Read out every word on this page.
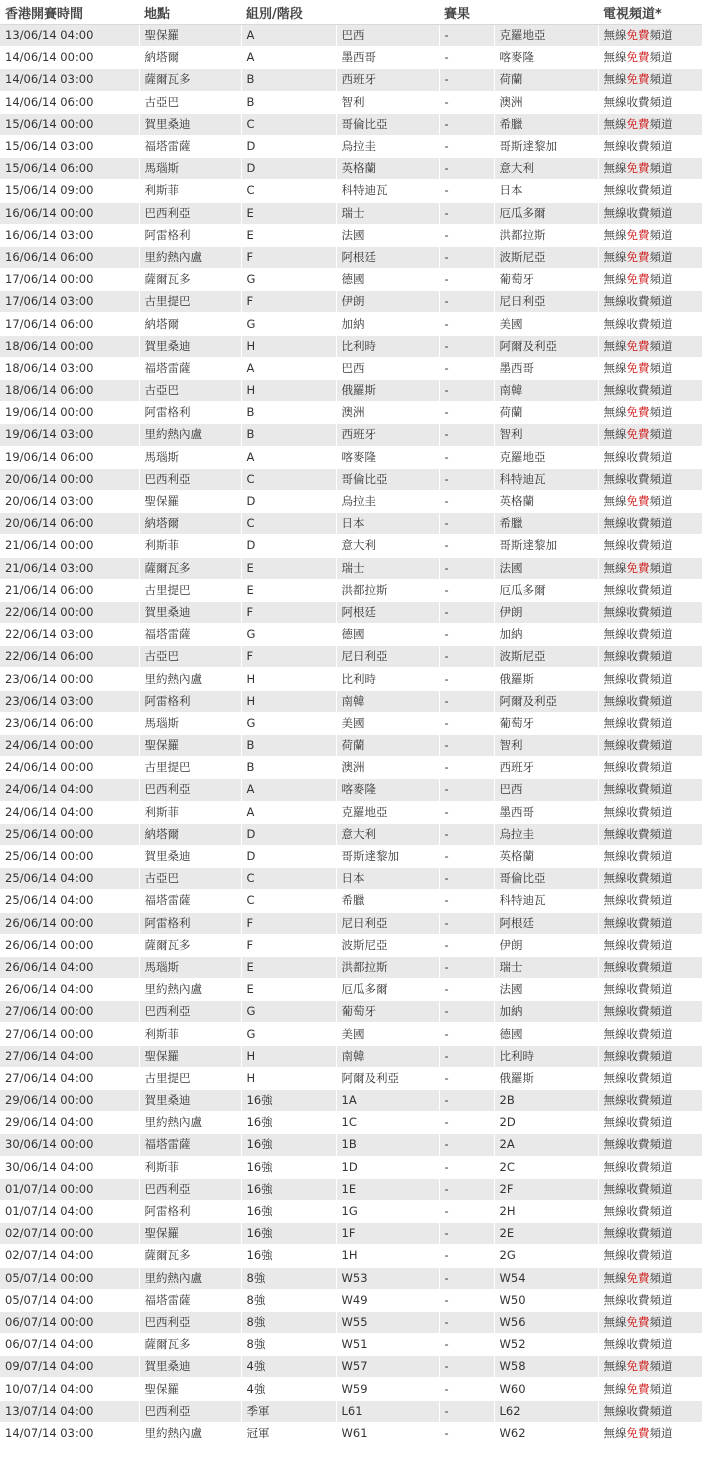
香港開賽時間	地點	組別/階段		賽果		電視頻道*
13/06/14 04:00	聖保羅	A	巴西	-	克羅地亞	無線免費頻道
14/06/14 00:00	納塔爾	A	墨西哥	-	喀麥隆	無線免費頻道
14/06/14 03:00	薩爾瓦多	B	西班牙	-	荷蘭	無線免費頻道
14/06/14 06:00	古亞巴	B	智利	-	澳洲	無線收費頻道
15/06/14 00:00	賀里桑迪	C	哥倫比亞	-	希臘	無線免費頻道
15/06/14 03:00	福塔雷薩	D	烏拉圭	-	哥斯達黎加	無線收費頻道
15/06/14 06:00	馬瑙斯	D	英格蘭	-	意大利	無線免費頻道
15/06/14 09:00	利斯菲	C	科特迪瓦	-	日本	無線收費頻道
16/06/14 00:00	巴西利亞	E	瑞士	-	厄瓜多爾	無線收費頻道
16/06/14 03:00	阿雷格利	E	法國	-	洪都拉斯	無線免費頻道
16/06/14 06:00	里約熱內盧	F	阿根廷	-	波斯尼亞	無線免費頻道
17/06/14 00:00	薩爾瓦多	G	德國	-	葡萄牙	無線免費頻道
17/06/14 03:00	古里提巴	F	伊朗	-	尼日利亞	無線收費頻道
17/06/14 06:00	納塔爾	G	加納	-	美國	無線收費頻道
18/06/14 00:00	賀里桑迪	H	比利時	-	阿爾及利亞	無線免費頻道
18/06/14 03:00	福塔雷薩	A	巴西	-	墨西哥	無線免費頻道
18/06/14 06:00	古亞巴	H	俄羅斯	-	南韓	無線收費頻道
19/06/14 00:00	阿雷格利	B	澳洲	-	荷蘭	無線免費頻道
19/06/14 03:00	里約熱內盧	B	西班牙	-	智利	無線免費頻道
19/06/14 06:00	馬瑙斯	A	喀麥隆	-	克羅地亞	無線收費頻道
20/06/14 00:00	巴西利亞	C	哥倫比亞	-	科特迪瓦	無線收費頻道
20/06/14 03:00	聖保羅	D	烏拉圭	-	英格蘭	無線免費頻道
20/06/14 06:00	納塔爾	C	日本	-	希臘	無線收費頻道
21/06/14 00:00	利斯菲	D	意大利	-	哥斯達黎加	無線收費頻道
21/06/14 03:00	薩爾瓦多	E	瑞士	-	法國	無線免費頻道
21/06/14 06:00	古里提巴	E	洪都拉斯	-	厄瓜多爾	無線收費頻道
22/06/14 00:00	賀里桑迪	F	阿根廷	-	伊朗	無線收費頻道
22/06/14 03:00	福塔雷薩	G	德國	-	加納	無線收費頻道
22/06/14 06:00	古亞巴	F	尼日利亞	-	波斯尼亞	無線收費頻道
23/06/14 00:00	里約熱內盧	H	比利時	-	俄羅斯	無線收費頻道
23/06/14 03:00	阿雷格利	H	南韓	-	阿爾及利亞	無線收費頻道
23/06/14 06:00	馬瑙斯	G	美國	-	葡萄牙	無線收費頻道
24/06/14 00:00	聖保羅	B	荷蘭	-	智利	無線收費頻道
24/06/14 00:00	古里提巴	B	澳洲	-	西班牙	無線收費頻道
24/06/14 04:00	巴西利亞	A	喀麥隆	-	巴西	無線收費頻道
24/06/14 04:00	利斯菲	A	克羅地亞	-	墨西哥	無線收費頻道
25/06/14 00:00	納塔爾	D	意大利	-	烏拉圭	無線收費頻道
25/06/14 00:00	賀里桑迪	D	哥斯達黎加	-	英格蘭	無線收費頻道
25/06/14 04:00	古亞巴	C	日本	-	哥倫比亞	無線收費頻道
25/06/14 04:00	福塔雷薩	C	希臘	-	科特迪瓦	無線收費頻道
26/06/14 00:00	阿雷格利	F	尼日利亞	-	阿根廷	無線收費頻道
26/06/14 00:00	薩爾瓦多	F	波斯尼亞	-	伊朗	無線收費頻道
26/06/14 04:00	馬瑙斯	E	洪都拉斯	-	瑞士	無線收費頻道
26/06/14 04:00	里約熱內盧	E	厄瓜多爾	-	法國	無線收費頻道
27/06/14 00:00	巴西利亞	G	葡萄牙	-	加納	無線收費頻道
27/06/14 00:00	利斯菲	G	美國	-	德國	無線收費頻道
27/06/14 04:00	聖保羅	H	南韓	-	比利時	無線收費頻道
27/06/14 04:00	古里提巴	H	阿爾及利亞	-	俄羅斯	無線收費頻道
29/06/14 00:00	賀里桑迪	16強	1A	-	2B	無線收費頻道
29/06/14 04:00	里約熱內盧	16強	1C	-	2D	無線收費頻道
30/06/14 00:00	福塔雷薩	16強	1B	-	2A	無線收費頻道
30/06/14 04:00	利斯菲	16強	1D	-	2C	無線收費頻道
01/07/14 00:00	巴西利亞	16強	1E	-	2F	無線收費頻道
01/07/14 04:00	阿雷格利	16強	1G	-	2H	無線收費頻道
02/07/14 00:00	聖保羅	16強	1F	-	2E	無線收費頻道
02/07/14 04:00	薩爾瓦多	16強	1H	-	2G	無線收費頻道
05/07/14 00:00	里約熱內盧	8強	W53	-	W54	無線免費頻道
05/07/14 04:00	福塔雷薩	8強	W49	-	W50	無線收費頻道
06/07/14 00:00	巴西利亞	8強	W55	-	W56	無線免費頻道
06/07/14 04:00	薩爾瓦多	8強	W51	-	W52	無線收費頻道
09/07/14 04:00	賀里桑迪	4強	W57	-	W58	無線免費頻道
10/07/14 04:00	聖保羅	4強	W59	-	W60	無線免費頻道
13/07/14 04:00	巴西利亞	季軍	L61	-	L62	無線收費頻道
14/07/14 03:00	里約熱內盧	冠軍	W61	-	W62	無線免費頻道
